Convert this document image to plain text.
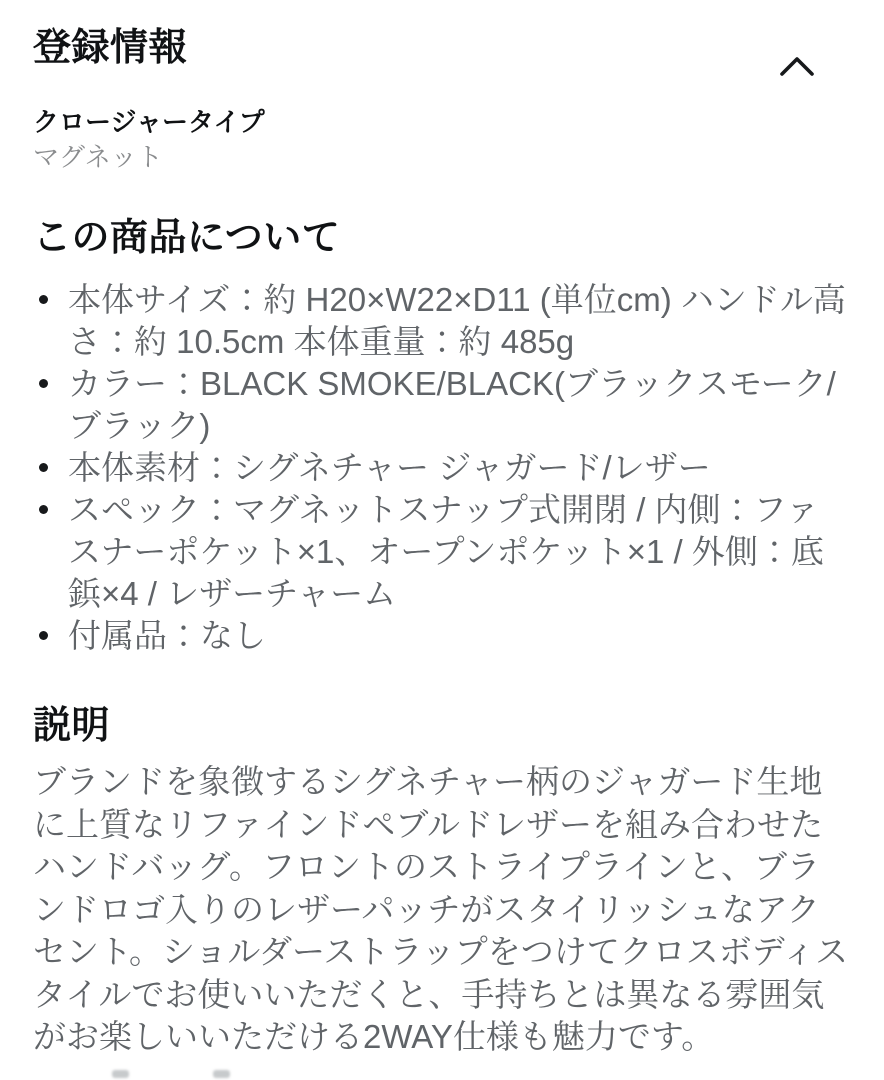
登録情報
クロージャータイプ
マグネット
この商品について
本体サイズ：約 H20×W22×D11 (単位cm) ハンドル高さ：約 10.5cm 本体重量：約 485g
カラー：BLACK SMOKE/BLACK(ブラックスモーク/ブラック)
本体素材：シグネチャー ジャガード/レザー
スペック：マグネットスナップ式開閉 / 内側：ファスナーポケット×1、オープンポケット×1 / 外側：底鋲×4 / レザーチャーム
付属品：なし
説明

ブランドを象徴するシグネチャー柄のジャガード生地に上質なリファインドペブルドレザーを組み合わせたハンドバッグ。フロントのストライプラインと、ブランドロゴ入りのレザーパッチがスタイリッシュなアクセント。ショルダーストラップをつけてクロスボディスタイルでお使いいただくと、手持ちとは異なる雰囲気がお楽しいいただける2WAY仕様も魅力です。
